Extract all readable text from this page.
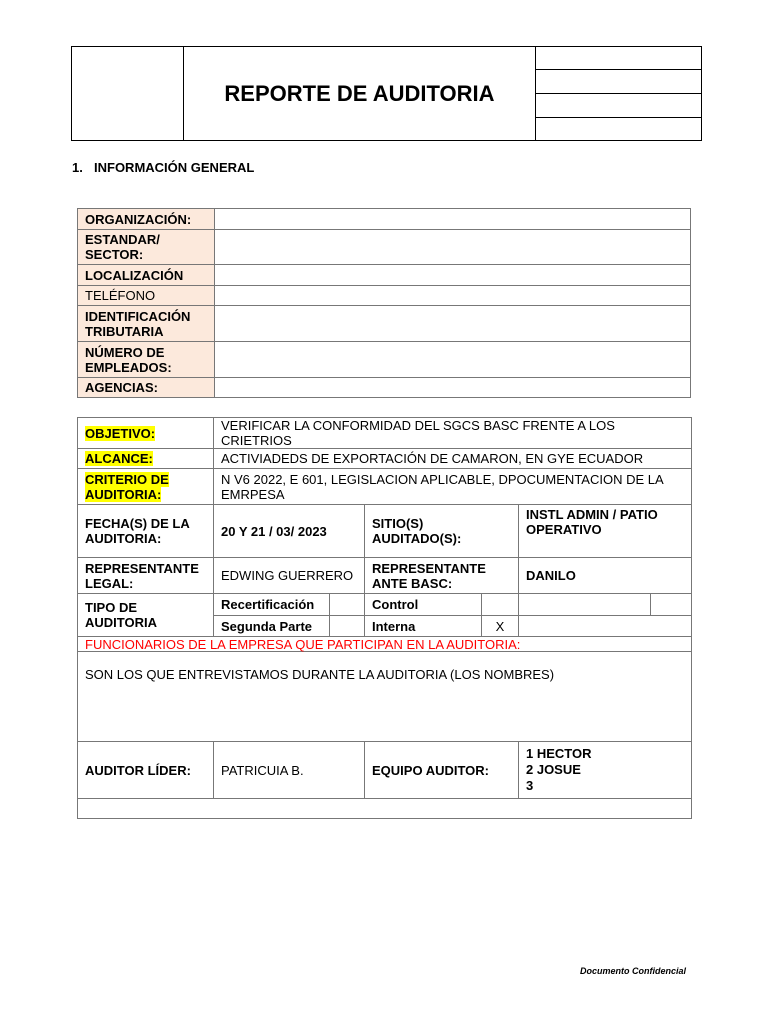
	REPORTE DE AUDITORIA	

1. INFORMACIÓN GENERAL
ORGANIZACIÓN:	
ESTANDAR/ SECTOR:	
LOCALIZACIÓN	
TELÉFONO	
IDENTIFICACIÓN TRIBUTARIA	
NÚMERO DE EMPLEADOS:	
AGENCIAS:	
OBJETIVO:	VERIFICAR LA CONFORMIDAD DEL SGCS BASC FRENTE A LOS CRIETRIOS					
ALCANCE:	ACTIVIADEDS DE EXPORTACIÓN DE CAMARON, EN GYE ECUADOR					
CRITERIO DE AUDITORIA:	N V6 2022, E 601, LEGISLACION APLICABLE, DPOCUMENTACION DE LA EMRPESA					
FECHA(S) DE LA AUDITORIA:	20 Y 21 / 03/ 2023		SITIO(S) AUDITADO(S):		INSTL ADMIN / PATIO OPERATIVO	
REPRESENTANTE LEGAL:	EDWING GUERRERO		REPRESENTANTE ANTE BASC:		DANILO	
TIPO DE AUDITORIA	Recertificación		Control			
	Segunda Parte		Interna	X		
FUNCIONARIOS DE LA EMPRESA QUE PARTICIPAN EN LA AUDITORIA:						
SON LOS QUE ENTREVISTAMOS DURANTE LA AUDITORIA (LOS NOMBRES)						
AUDITOR LÍDER:	PATRICUIA B.		EQUIPO AUDITOR:		1 HECTOR
2 JOSUE
3	

Documento Confidencial
